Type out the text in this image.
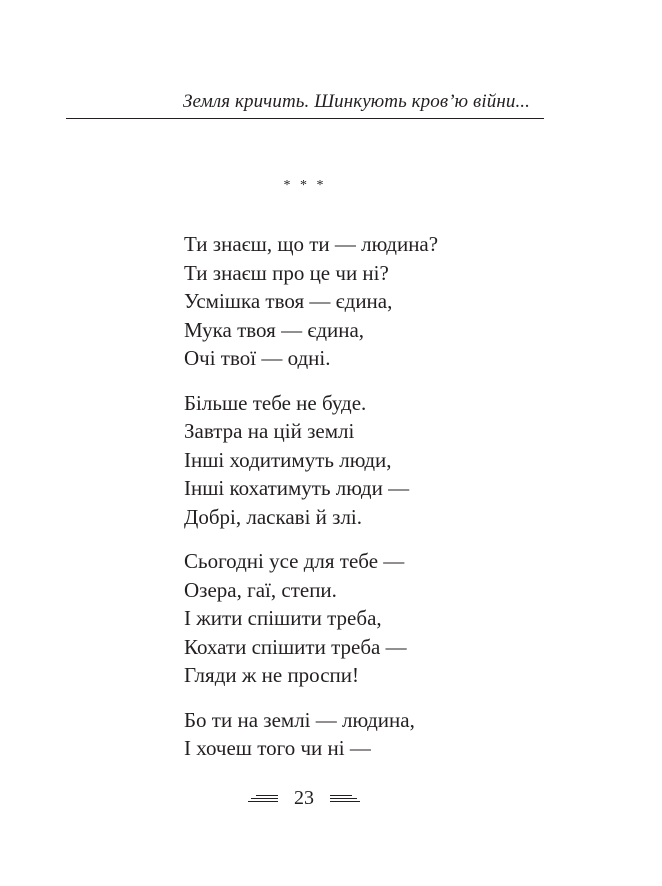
Земля кричить. Шинкують кров’ю війни...
* * *
Ти знаєш, що ти — людина?
Ти знаєш про це чи ні?
Усмішка твоя — єдина,
Мука твоя — єдина,
Очі твої — одні.
Більше тебе не буде.
Завтра на цій землі
Інші ходитимуть люди,
Інші кохатимуть люди —
Добрі, ласкаві й злі.
Сьогодні усе для тебе —
Озера, гаї, степи.
І жити спішити треба,
Кохати спішити треба —
Гляди ж не проспи!
Бо ти на землі — людина,
І хочеш того чи ні —
23
